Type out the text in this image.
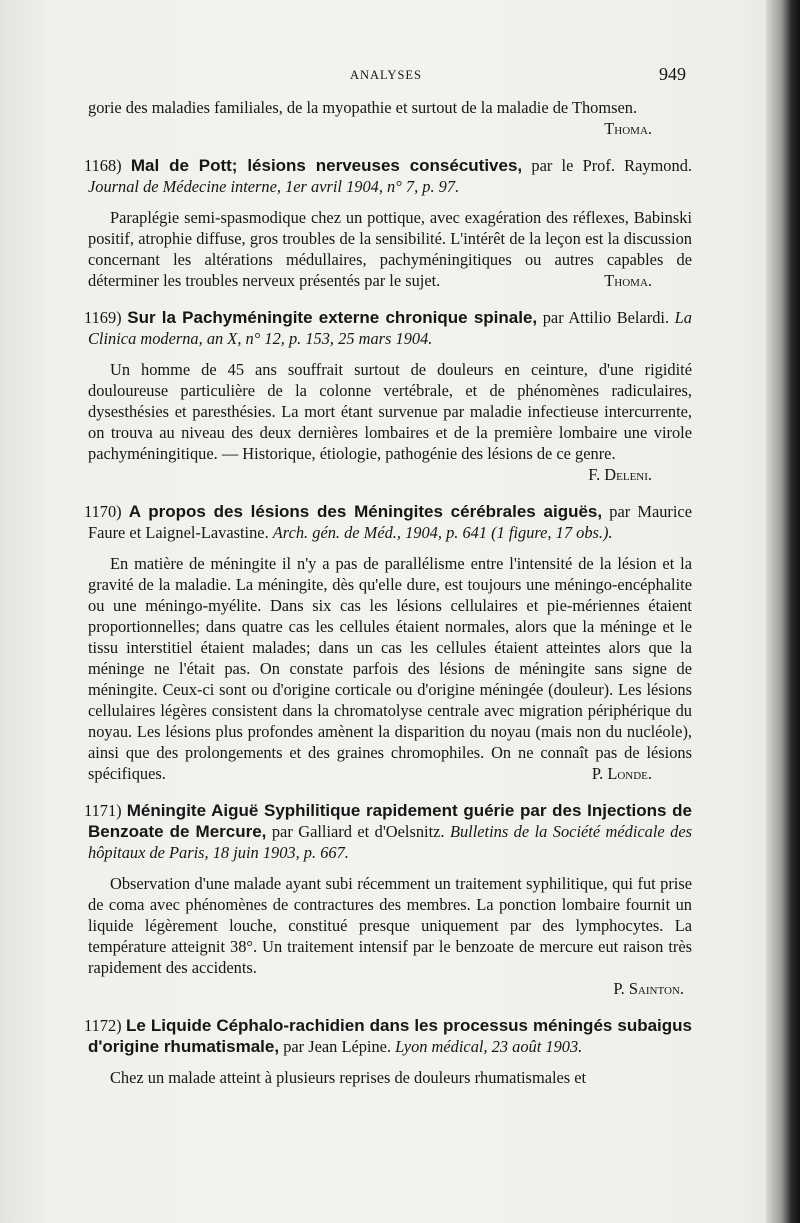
ANALYSES	949

gorie des maladies familiales, de la myopathie et surtout de la maladie de Thomsen.
Thoma.

1168) Mal de Pott; lésions nerveuses consécutives, par le Prof. Raymond. Journal de Médecine interne, 1er avril 1904, n° 7, p. 97.

Paraplégie semi-spasmodique chez un pottique, avec exagération des réflexes, Babinski positif, atrophie diffuse, gros troubles de la sensibilité. L'intérêt de la leçon est la discussion concernant les altérations médullaires, pachyméningitiques ou autres capables de déterminer les troubles nerveux présentés par le sujet.	Thoma.

1169) Sur la Pachyméningite externe chronique spinale, par Attilio Belardi. La Clinica moderna, an X, n° 12, p. 153, 25 mars 1904.

Un homme de 45 ans souffrait surtout de douleurs en ceinture, d'une rigidité douloureuse particulière de la colonne vertébrale, et de phénomènes radiculaires, dysesthésies et paresthésies. La mort étant survenue par maladie infectieuse intercurrente, on trouva au niveau des deux dernières lombaires et de la première lombaire une virole pachyméningitique. — Historique, étiologie, pathogénie des lésions de ce genre.
F. Deleni.

1170) A propos des lésions des Méningites cérébrales aiguës, par Maurice Faure et Laignel-Lavastine. Arch. gén. de Méd., 1904, p. 641 (1 figure, 17 obs.).

En matière de méningite il n'y a pas de parallélisme entre l'intensité de la lésion et la gravité de la maladie. La méningite, dès qu'elle dure, est toujours une méningo-encéphalite ou une méningo-myélite. Dans six cas les lésions cellulaires et pie-mériennes étaient proportionnelles; dans quatre cas les cellules étaient normales, alors que la méninge et le tissu interstitiel étaient malades; dans un cas les cellules étaient atteintes alors que la méninge ne l'était pas. On constate parfois des lésions de méningite sans signe de méningite. Ceux-ci sont ou d'origine corticale ou d'origine méningée (douleur). Les lésions cellulaires légères consistent dans la chromatolyse centrale avec migration périphérique du noyau. Les lésions plus profondes amènent la disparition du noyau (mais non du nucléole), ainsi que des prolongements et des graines chromophiles. On ne connaît pas de lésions spécifiques.	P. Londe.

1171) Méningite Aiguë Syphilitique rapidement guérie par des Injections de Benzoate de Mercure, par Galliard et d'Oelsnitz. Bulletins de la Société médicale des hôpitaux de Paris, 18 juin 1903, p. 667.

Observation d'une malade ayant subi récemment un traitement syphilitique, qui fut prise de coma avec phénomènes de contractures des membres. La ponction lombaire fournit un liquide légèrement louche, constitué presque uniquement par des lymphocytes. La température atteignit 38°. Un traitement intensif par le benzoate de mercure eut raison très rapidement des accidents.

P. Sainton.

1172) Le Liquide Céphalo-rachidien dans les processus méningés subaigus d'origine rhumatismale, par Jean Lépine. Lyon médical, 23 août 1903.

Chez un malade atteint à plusieurs reprises de douleurs rhumatismales et
